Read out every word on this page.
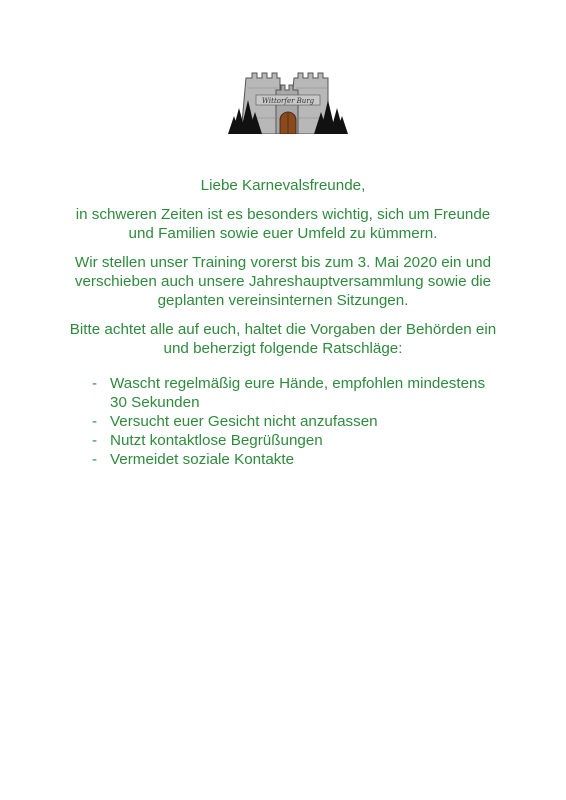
Wittorfer Burg

Liebe Karnevalsfreunde,

in schweren Zeiten ist es besonders wichtig, sich um Freunde und Familien sowie euer Umfeld zu kümmern.

Wir stellen unser Training vorerst bis zum 3. Mai 2020 ein und verschieben auch unsere Jahreshauptversammlung sowie die geplanten vereinsinternen Sitzungen.

Bitte achtet alle auf euch, haltet die Vorgaben der Behörden ein und beherzigt folgende Ratschläge:

- Wascht regelmäßig eure Hände, empfohlen mindestens 30 Sekunden
- Versucht euer Gesicht nicht anzufassen
- Nutzt kontaktlose Begrüßungen
- Vermeidet soziale Kontakte
